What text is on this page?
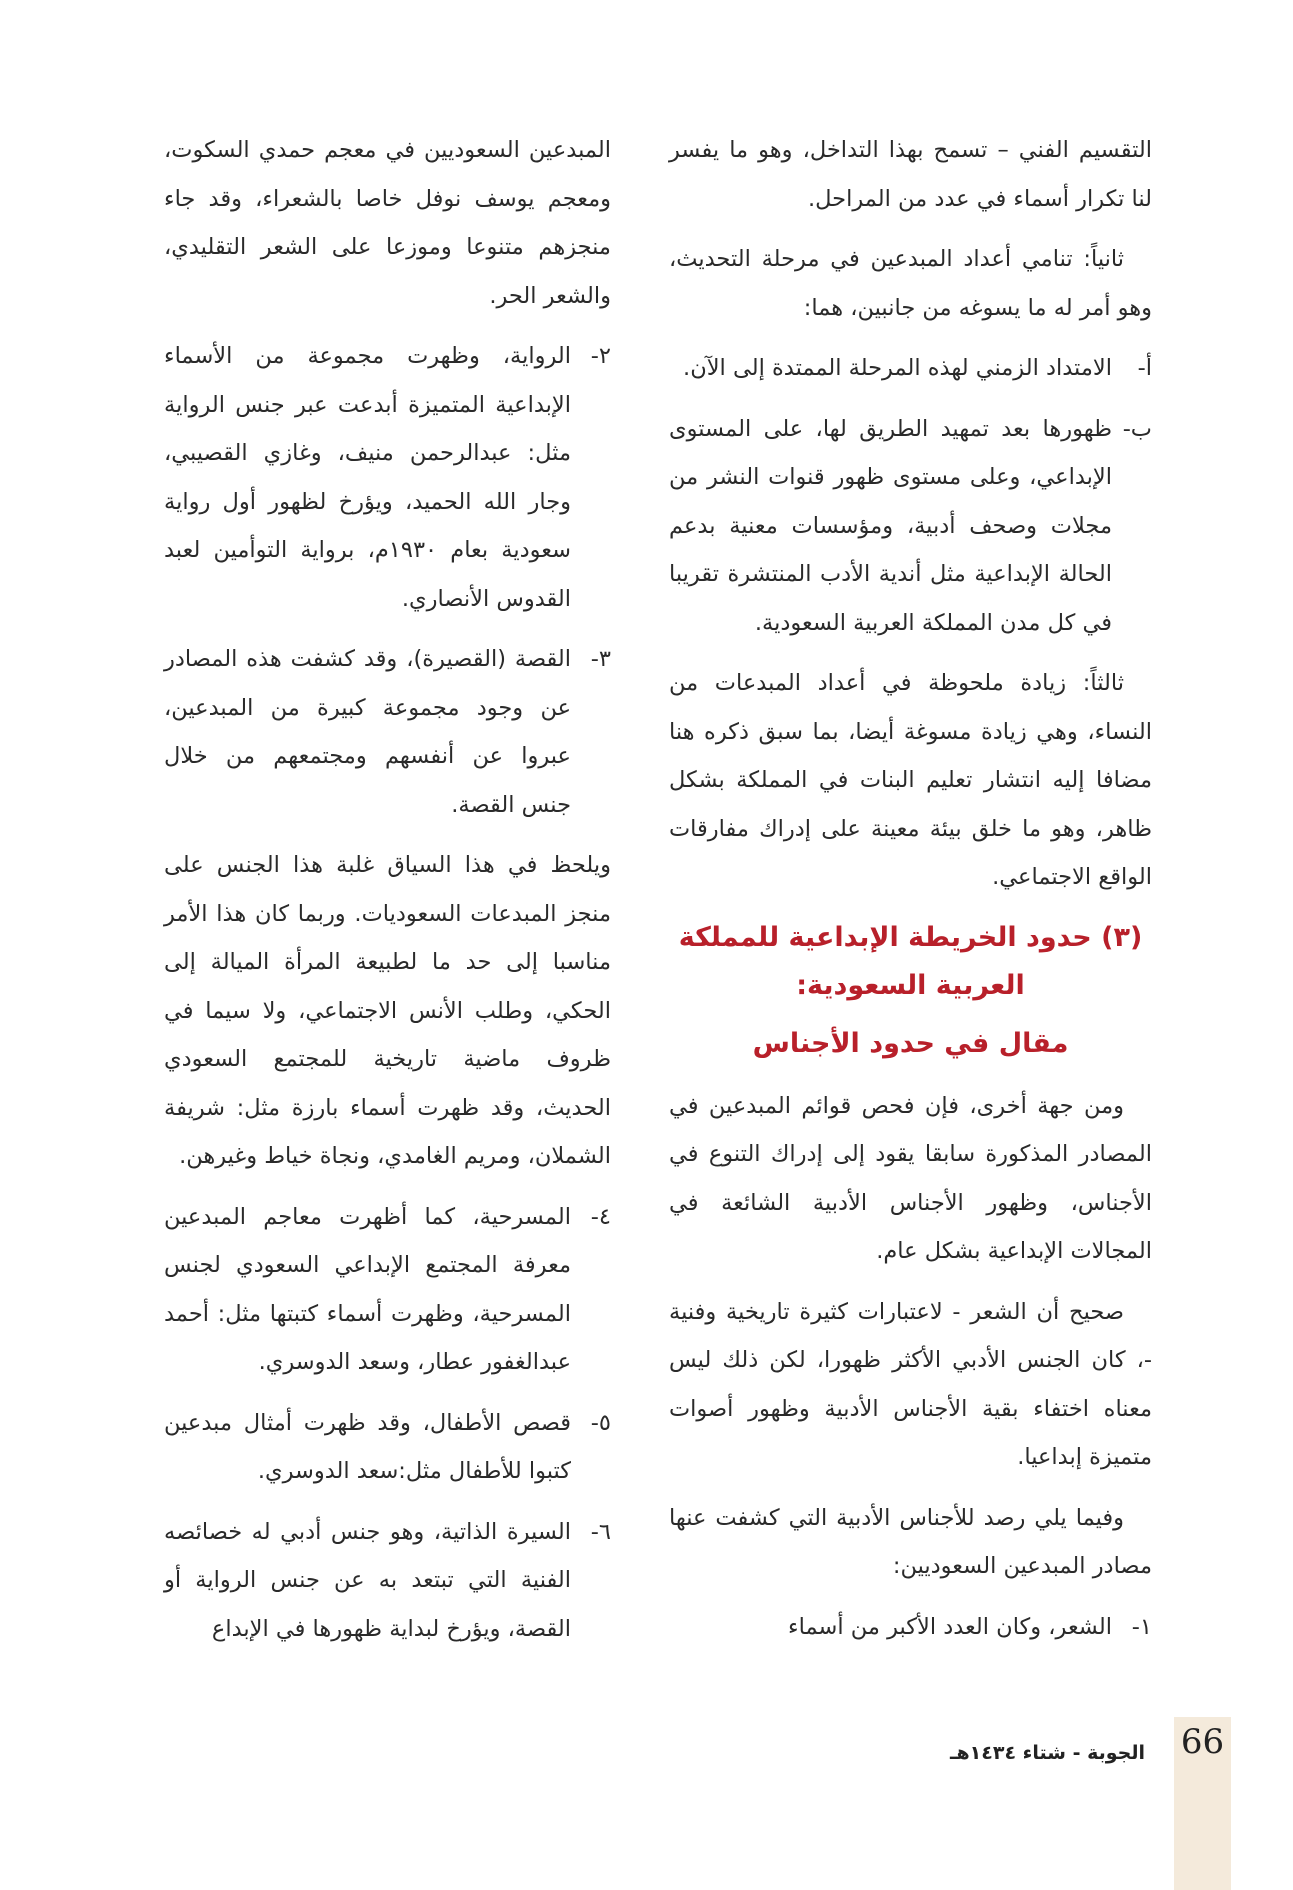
التقسيم الفني – تسمح بهذا التداخل، وهو ما يفسر لنا تكرار أسماء في عدد من المراحل.

ثانياً: تنامي أعداد المبدعين في مرحلة التحديث، وهو أمر له ما يسوغه من جانبين، هما:

أ-
الامتداد الزمني لهذه المرحلة الممتدة إلى الآن.
ب-
ظهورها بعد تمهيد الطريق لها، على المستوى الإبداعي، وعلى مستوى ظهور قنوات النشر من مجلات وصحف أدبية، ومؤسسات معنية بدعم الحالة الإبداعية مثل أندية الأدب المنتشرة تقريبا في كل مدن المملكة العربية السعودية.

ثالثاً: زيادة ملحوظة في أعداد المبدعات من النساء، وهي زيادة مسوغة أيضا، بما سبق ذكره هنا مضافا إليه انتشار تعليم البنات في المملكة بشكل ظاهر، وهو ما خلق بيئة معينة على إدراك مفارقات الواقع الاجتماعي.

(٣) حدود الخريطة الإبداعية للمملكة العربية السعودية:
مقال في حدود الأجناس

ومن جهة أخرى، فإن فحص قوائم المبدعين في المصادر المذكورة سابقا يقود إلى إدراك التنوع في الأجناس، وظهور الأجناس الأدبية الشائعة في المجالات الإبداعية بشكل عام.

صحيح أن الشعر - لاعتبارات كثيرة تاريخية وفنية -، كان الجنس الأدبي الأكثر ظهورا، لكن ذلك ليس معناه اختفاء بقية الأجناس الأدبية وظهور أصوات متميزة إبداعيا.

وفيما يلي رصد للأجناس الأدبية التي كشفت عنها مصادر المبدعين السعوديين:

١-
الشعر، وكان العدد الأكبر من أسماء

المبدعين السعوديين في معجم حمدي السكوت، ومعجم يوسف نوفل خاصا بالشعراء، وقد جاء منجزهم متنوعا وموزعا على الشعر التقليدي، والشعر الحر.

٢-
الرواية، وظهرت مجموعة من الأسماء الإبداعية المتميزة أبدعت عبر جنس الرواية مثل: عبدالرحمن منيف، وغازي القصيبي، وجار الله الحميد، ويؤرخ لظهور أول رواية سعودية بعام ١٩٣٠م، برواية التوأمين لعبد القدوس الأنصاري.
٣-
القصة (القصيرة)، وقد كشفت هذه المصادر عن وجود مجموعة كبيرة من المبدعين، عبروا عن أنفسهم ومجتمعهم من خلال جنس القصة.

ويلحظ في هذا السياق غلبة هذا الجنس على منجز المبدعات السعوديات. وربما كان هذا الأمر مناسبا إلى حد ما لطبيعة المرأة الميالة إلى الحكي، وطلب الأنس الاجتماعي، ولا سيما في ظروف ماضية تاريخية للمجتمع السعودي الحديث، وقد ظهرت أسماء بارزة مثل: شريفة الشملان، ومريم الغامدي، ونجاة خياط وغيرهن.

٤-
المسرحية، كما أظهرت معاجم المبدعين معرفة المجتمع الإبداعي السعودي لجنس المسرحية، وظهرت أسماء كتبتها مثل: أحمد عبدالغفور عطار، وسعد الدوسري.
٥-
قصص الأطفال، وقد ظهرت أمثال مبدعين كتبوا للأطفال مثل:سعد الدوسري.
٦-
السيرة الذاتية، وهو جنس أدبي له خصائصه الفنية التي تبتعد به عن جنس الرواية أو القصة، ويؤرخ لبداية ظهورها في الإبداع
66
الجوبة - شتاء ١٤٣٤هـ
